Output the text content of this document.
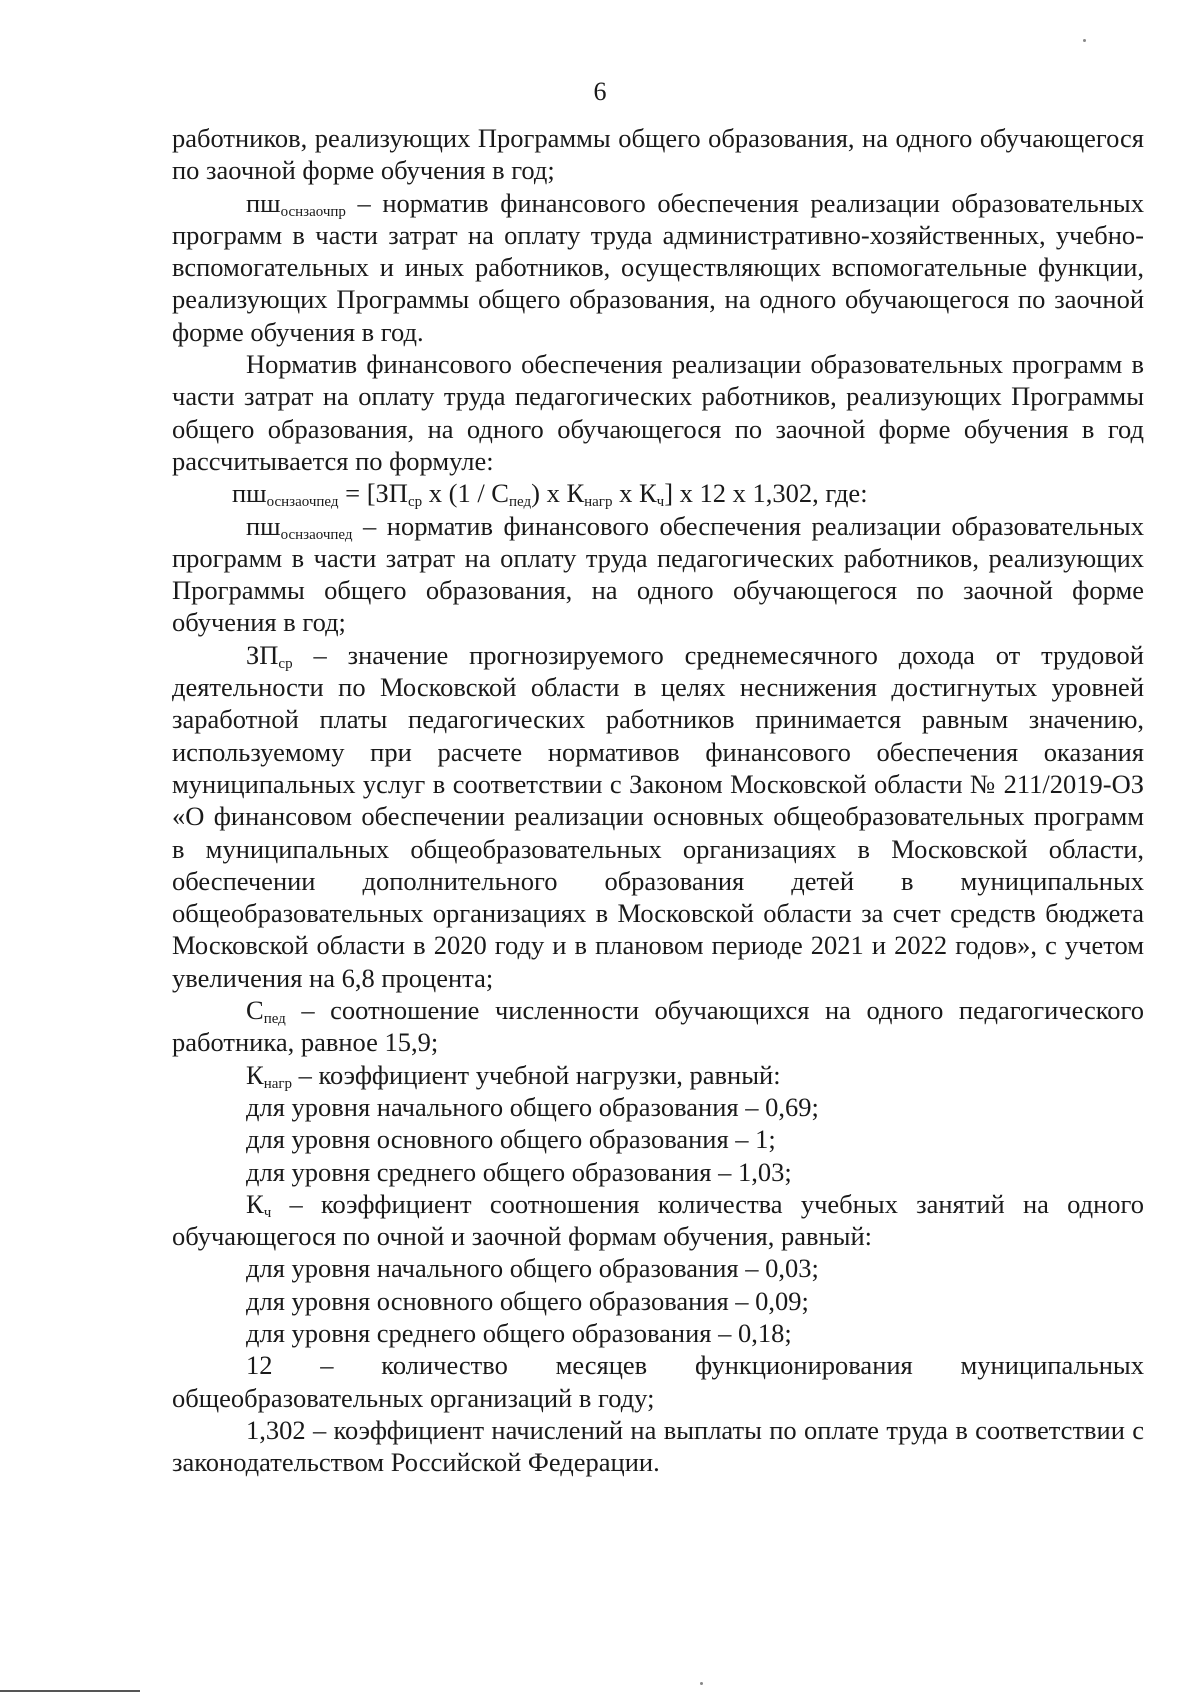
6

работников, реализующих Программы общего образования, на одного обучающегося по заочной форме обучения в год;

$пш_{оснзаочпр}$ – норматив финансового обеспечения реализации образовательных программ в части затрат на оплату труда административно-хозяйственных, учебно-вспомогательных и иных работников, осуществляющих вспомогательные функции, реализующих Программы общего образования, на одного обучающегося по заочной форме обучения в год.

Норматив финансового обеспечения реализации образовательных программ в части затрат на оплату труда педагогических работников, реализующих Программы общего образования, на одного обучающегося по заочной форме обучения в год рассчитывается по формуле:

$пш_{оснзаочпед} = [ЗП_{ср}$ х $(1 / С_{пед})$ х $К_{нагр}$ х $К_ч$] х 12 х 1,302, где:

$пш_{оснзаочпед}$ – норматив финансового обеспечения реализации образовательных программ в части затрат на оплату труда педагогических работников, реализующих Программы общего образования, на одного обучающегося по заочной форме обучения в год;

$ЗП_{ср}$ – значение прогнозируемого среднемесячного дохода от трудовой деятельности по Московской области в целях неснижения достигнутых уровней заработной платы педагогических работников принимается равным значению, используемому при расчете нормативов финансового обеспечения оказания муниципальных услуг в соответствии с Законом Московской области № 211/2019-ОЗ «О финансовом обеспечении реализации основных общеобразовательных программ в муниципальных общеобразовательных организациях в Московской области, обеспечении дополнительного образования детей в муниципальных общеобразовательных организациях в Московской области за счет средств бюджета Московской области в 2020 году и в плановом периоде 2021 и 2022 годов», с учетом увеличения на 6,8 процента;

$С_{пед}$ – соотношение численности обучающихся на одного педагогического работника, равное 15,9;

$К_{нагр}$ – коэффициент учебной нагрузки, равный:

для уровня начального общего образования – 0,69;

для уровня основного общего образования – 1;

для уровня среднего общего образования – 1,03;

$К_ч$ – коэффициент соотношения количества учебных занятий на одного обучающегося по очной и заочной формам обучения, равный:

для уровня начального общего образования – 0,03;

для уровня основного общего образования – 0,09;

для уровня среднего общего образования – 0,18;

12 – количество месяцев функционирования муниципальных общеобразовательных организаций в году;

1,302 – коэффициент начислений на выплаты по оплате труда в соответствии с законодательством Российской Федерации.
